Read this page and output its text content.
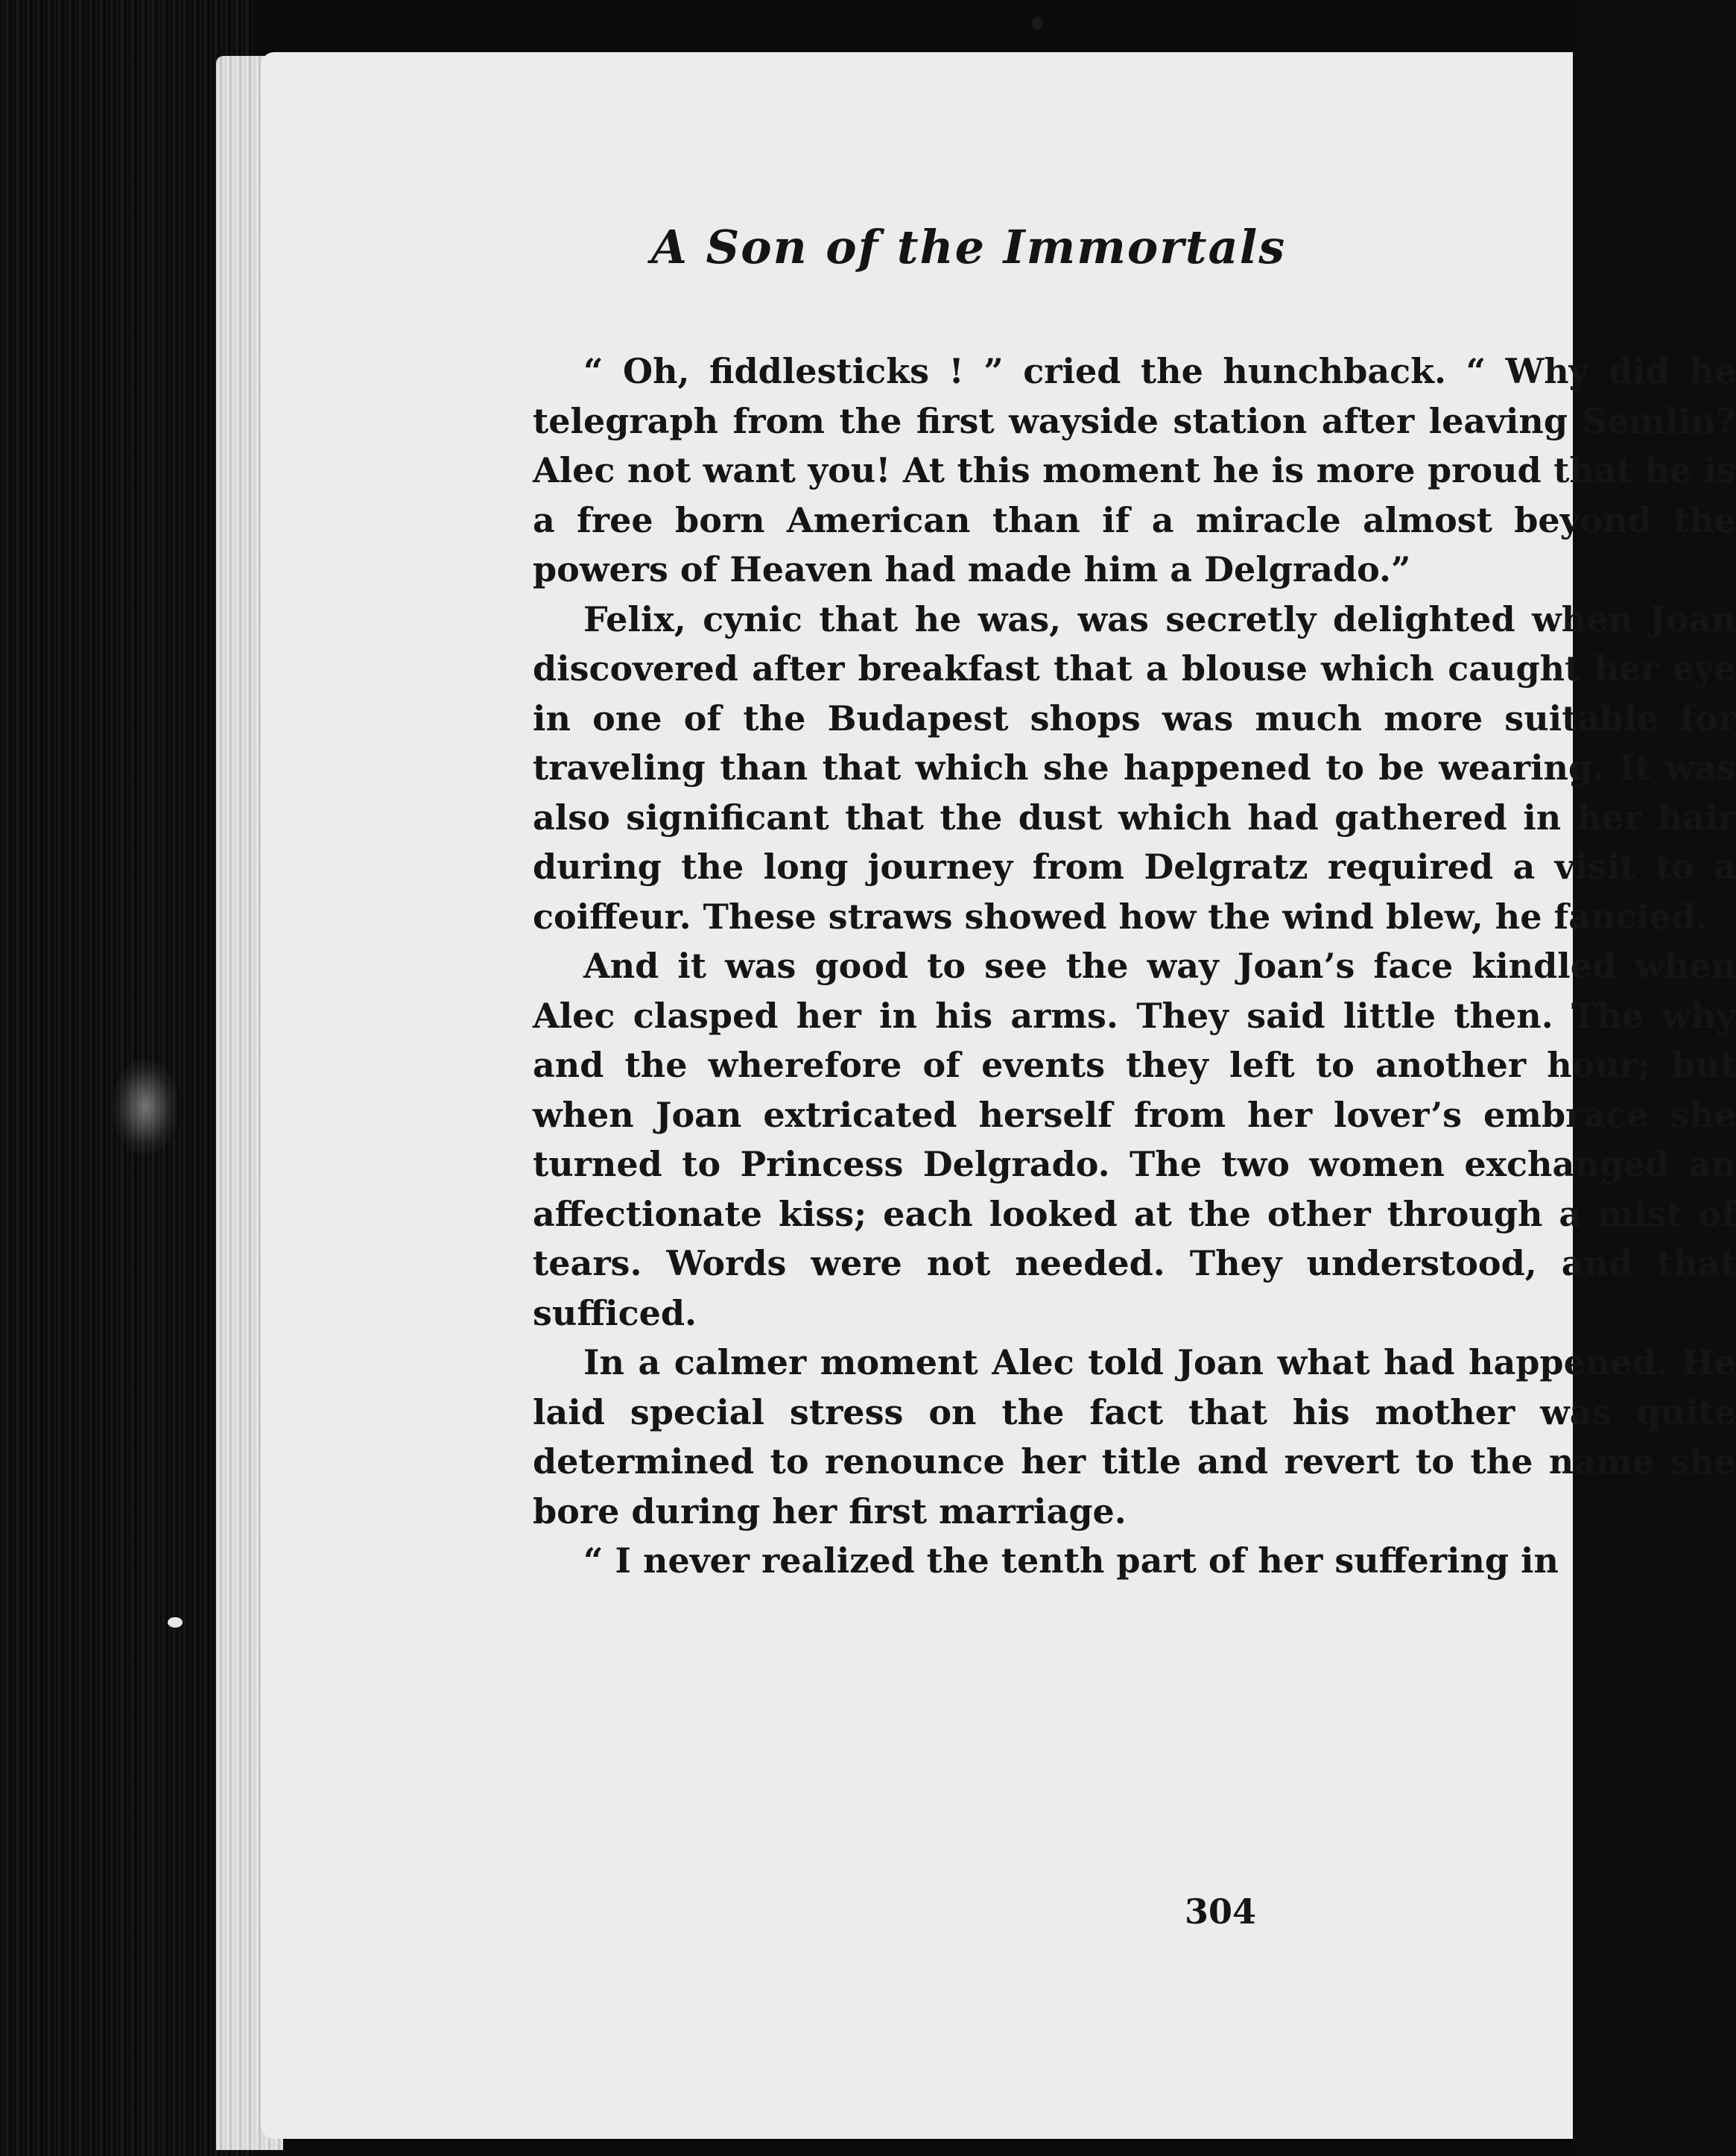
A Son of the Immortals

“ Oh, fiddlesticks ! ” cried the hunchback. “ Why did he telegraph from the first wayside station after leaving Semlin? Alec not want you! At this moment he is more proud that he is a free born American than if a miracle almost beyond the powers of Heaven had made him a Delgrado.”

Felix, cynic that he was, was secretly delighted when Joan discovered after breakfast that a blouse which caught her eye in one of the Budapest shops was much more suitable for traveling than that which she happened to be wearing. It was also significant that the dust which had gathered in her hair during the long journey from Delgratz required a visit to a coiffeur. These straws showed how the wind blew, he fancied.

And it was good to see the way Joan’s face kindled when Alec clasped her in his arms. They said little then. The why and the wherefore of events they left to another hour; but when Joan extricated herself from her lover’s embrace she turned to Princess Delgrado. The two women exchanged an affectionate kiss; each looked at the other through a mist of tears. Words were not needed. They understood, and that sufficed.

In a calmer moment Alec told Joan what had happened. He laid special stress on the fact that his mother was quite determined to renounce her title and revert to the name she bore during her first marriage.

“ I never realized the tenth part of her suffering in

304
